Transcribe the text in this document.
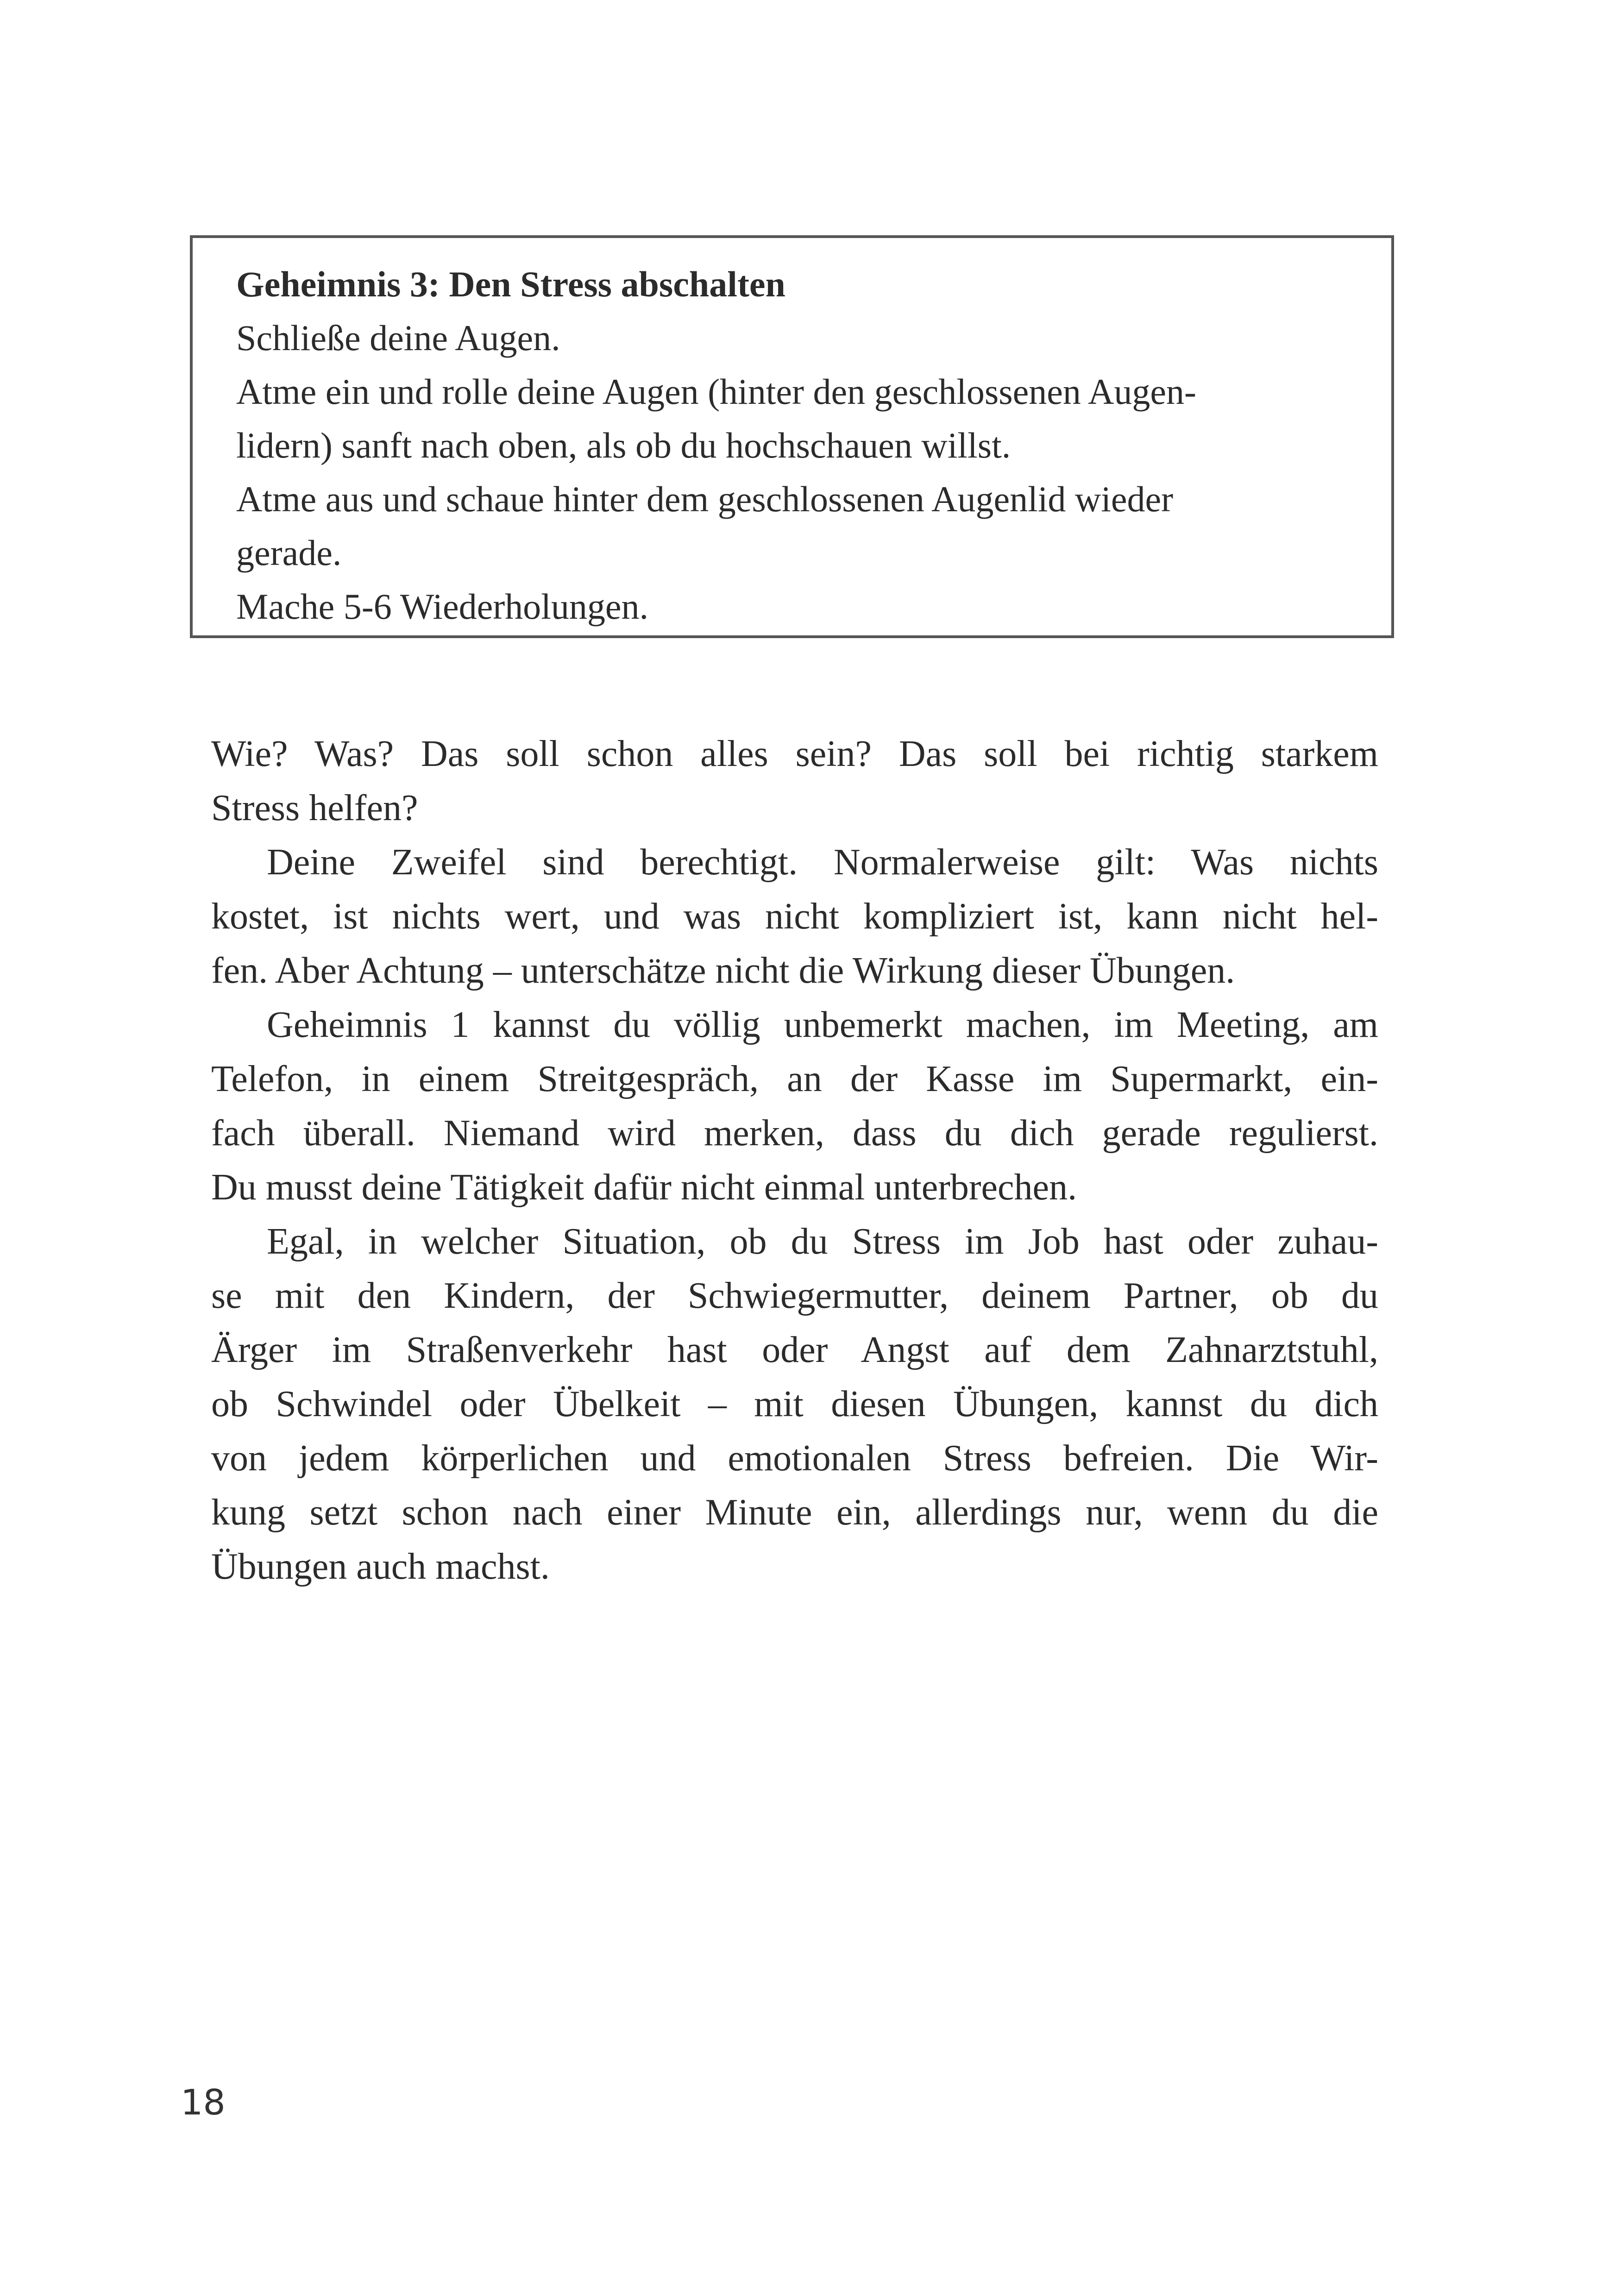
Geheimnis 3: Den Stress abschalten
Schließe deine Augen.
Atme ein und rolle deine Augen (hinter den geschlossenen Augen-
lidern) sanft nach oben, als ob du hochschauen willst.
Atme aus und schaue hinter dem geschlossenen Augenlid wieder
gerade.
Mache 5-6 Wiederholungen.
Wie? Was? Das soll schon alles sein? Das soll bei richtig starkem
Stress helfen?
Deine Zweifel sind berechtigt. Normalerweise gilt: Was nichts
kostet, ist nichts wert, und was nicht kompliziert ist, kann nicht hel-
fen. Aber Achtung – unterschätze nicht die Wirkung dieser Übungen.
Geheimnis 1 kannst du völlig unbemerkt machen, im Meeting, am
Telefon, in einem Streitgespräch, an der Kasse im Supermarkt, ein-
fach überall. Niemand wird merken, dass du dich gerade regulierst.
Du musst deine Tätigkeit dafür nicht einmal unterbrechen.
Egal, in welcher Situation, ob du Stress im Job hast oder zuhau-
se mit den Kindern, der Schwiegermutter, deinem Partner, ob du
Ärger im Straßenverkehr hast oder Angst auf dem Zahnarztstuhl,
ob Schwindel oder Übelkeit – mit diesen Übungen, kannst du dich
von jedem körperlichen und emotionalen Stress befreien. Die Wir-
kung setzt schon nach einer Minute ein, allerdings nur, wenn du die
Übungen auch machst.
18
